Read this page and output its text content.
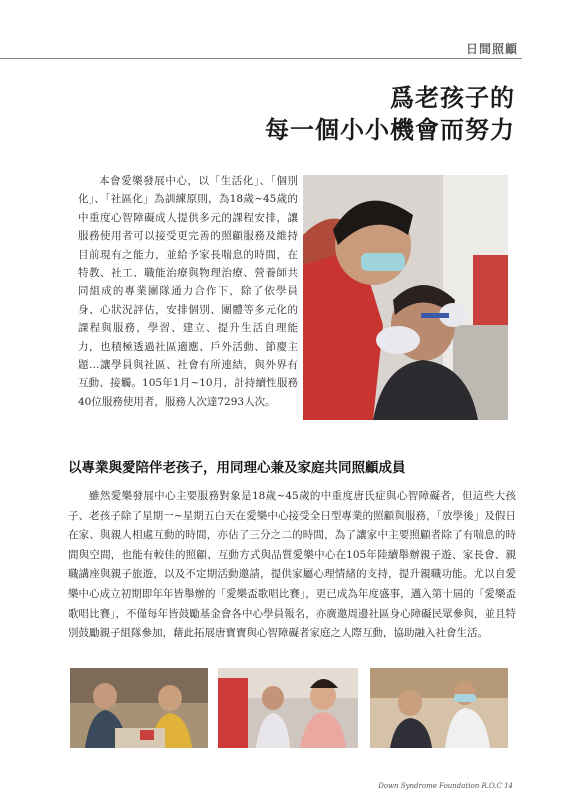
日間照顧
爲老孩子的
每一個小小機會而努力

本會愛樂發展中心，以「生活化」、「個別化」、「社區化」為訓練原則，為18歲~45歲的中重度心智障礙成人提供多元的課程安排，讓服務使用者可以接受更完善的照顧服務及維持目前現有之能力，並給予家長喘息的時間，在特教、社工、職能治療與物理治療、營養師共同組成的專業團隊通力合作下，除了依學員身、心狀況評估，安排個別、團體等多元化的課程與服務，學習、建立、提升生活自理能力，也積極透過社區適應、戶外活動、節慶主題…讓學員與社區、社會有所連結，與外界有互動、接觸。105年1月~10月，計持續性服務40位服務使用者，服務人次達7293人次。

以專業與愛陪伴老孩子，用同理心兼及家庭共同照顧成員

雖然愛樂發展中心主要服務對象是18歲~45歲的中重度唐氏症與心智障礙者，但這些大孩子、老孩子除了星期一~星期五白天在愛樂中心接受全日型專業的照顧與服務，「放學後」及假日在家、與親人相處互動的時間，亦佔了三分之二的時間，為了讓家中主要照顧者除了有喘息的時間與空間，也能有較佳的照顧、互動方式與品質愛樂中心在105年陸續舉辦親子遊、家長會、親職講座與親子旅遊，以及不定期活動邀請，提供家屬心理情緒的支持，提升親職功能。尤以自愛樂中心成立初期即年年皆舉辦的「愛樂盃歌唱比賽」，更已成為年度盛事，邁入第十屆的「愛樂盃歌唱比賽」，不僅每年皆鼓勵基金會各中心學員報名，亦廣邀周邊社區身心障礙民眾參與，並且特別鼓勵親子組隊參加，藉此拓展唐寶寶與心智障礙者家庭之人際互動，協助融入社會生活。

Down Syndrome Foundation R.O.C 14
